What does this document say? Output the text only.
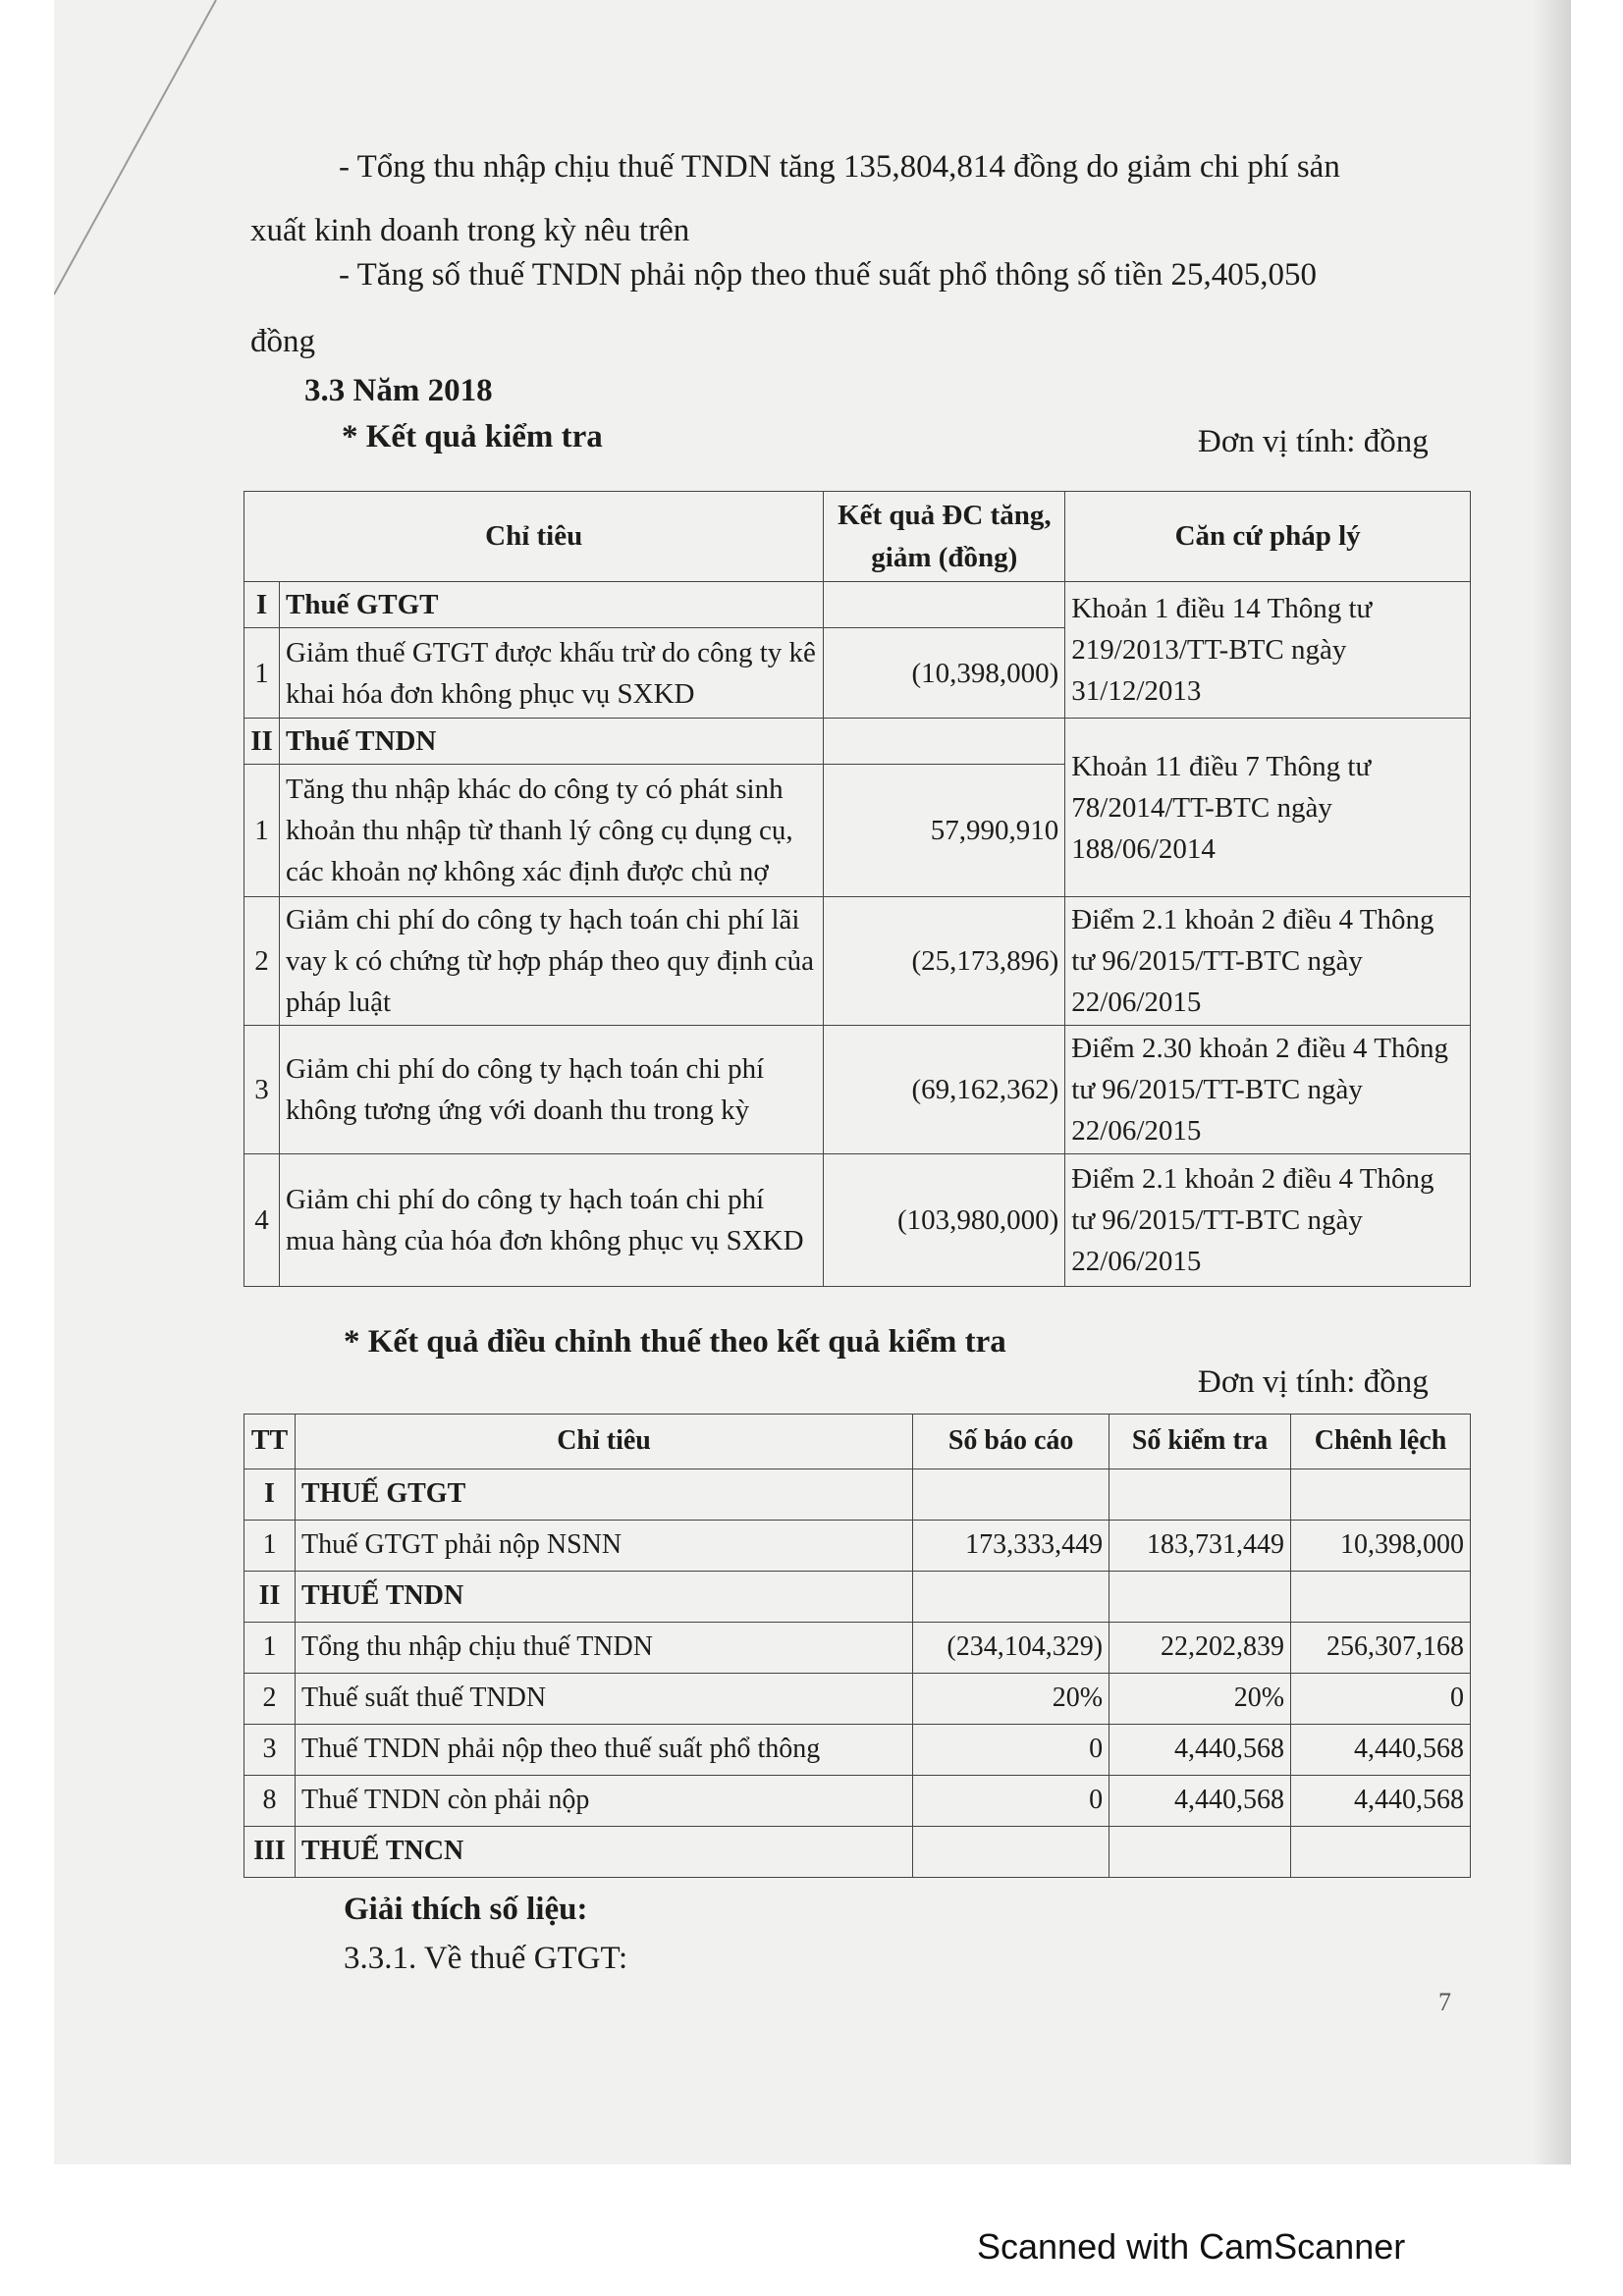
- Tổng thu nhập chịu thuế TNDN tăng 135,804,814 đồng do giảm chi phí sản
xuất kinh doanh trong kỳ nêu trên
- Tăng số thuế TNDN phải nộp theo thuế suất phổ thông số tiền 25,405,050
đồng
3.3 Năm 2018
* Kết quả kiểm tra	Đơn vị tính: đồng
Chỉ tiêu		Kết quả ĐC tăng, giảm (đồng)	Căn cứ pháp lý
I	Thuế GTGT		Khoản 1 điều 14 Thông tư 219/2013/TT-BTC ngày 31/12/2013
1	Giảm thuế GTGT được khấu trừ do công ty kê khai hóa đơn không phục vụ SXKD	(10,398,000)	
II	Thuế TNDN		Khoản 11 điều 7 Thông tư 78/2014/TT-BTC ngày 188/06/2014
1	Tăng thu nhập khác do công ty có phát sinh khoản thu nhập từ thanh lý công cụ dụng cụ, các khoản nợ không xác định được chủ nợ	57,990,910	
2	Giảm chi phí do công ty hạch toán chi phí lãi vay k có chứng từ hợp pháp theo quy định của pháp luật	(25,173,896)	Điểm 2.1 khoản 2 điều 4 Thông tư 96/2015/TT-BTC ngày 22/06/2015
3	Giảm chi phí do công ty hạch toán chi phí không tương ứng với doanh thu trong kỳ	(69,162,362)	Điểm 2.30 khoản 2 điều 4 Thông tư 96/2015/TT-BTC ngày 22/06/2015
4	Giảm chi phí do công ty hạch toán chi phí mua hàng của hóa đơn không phục vụ SXKD	(103,980,000)	Điểm 2.1 khoản 2 điều 4 Thông tư 96/2015/TT-BTC ngày 22/06/2015
* Kết quả điều chỉnh thuế theo kết quả kiểm tra
Đơn vị tính: đồng
TT	Chỉ tiêu	Số báo cáo	Số kiểm tra	Chênh lệch
I	THUẾ GTGT			
1	Thuế GTGT phải nộp NSNN	173,333,449	183,731,449	10,398,000
II	THUẾ TNDN			
1	Tổng thu nhập chịu thuế TNDN	(234,104,329)	22,202,839	256,307,168
2	Thuế suất thuế TNDN	20%	20%	0
3	Thuế TNDN phải nộp theo thuế suất phổ thông	0	4,440,568	4,440,568
8	Thuế TNDN còn phải nộp	0	4,440,568	4,440,568
III	THUẾ TNCN			
Giải thích số liệu:
3.3.1. Về thuế GTGT:
7
Scanned with CamScanner
